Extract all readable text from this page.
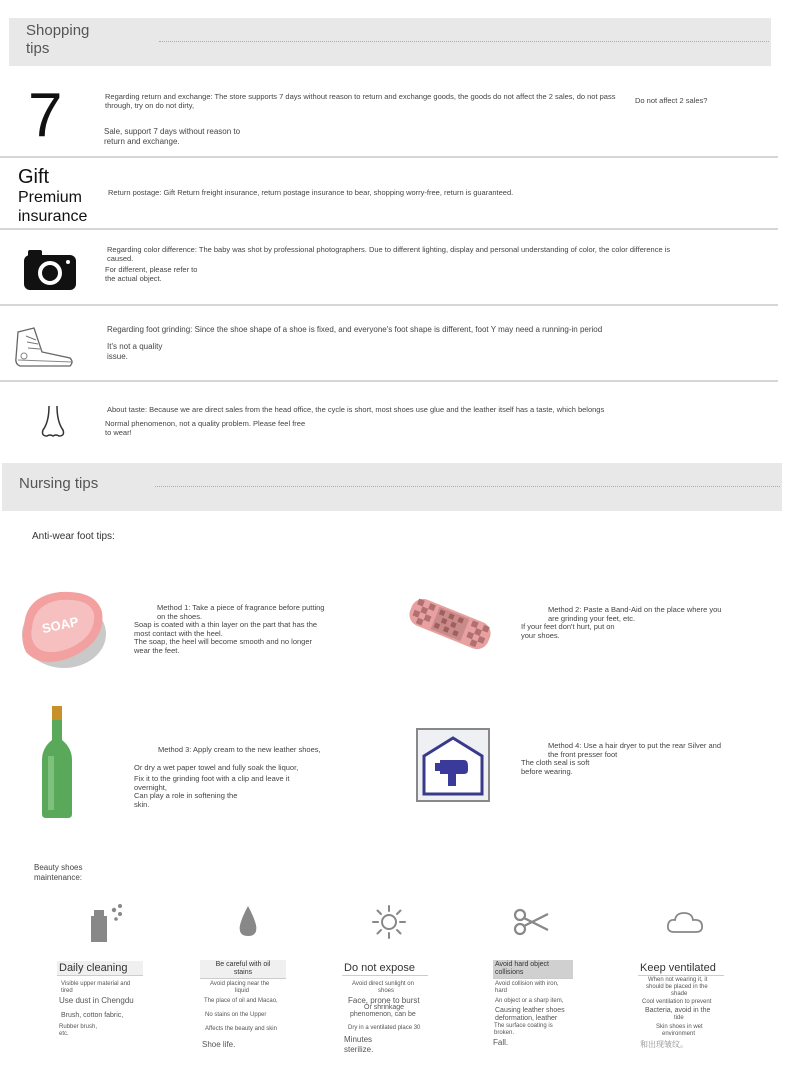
Shopping
tips
7	Regarding return and exchange: The store supports 7 days without reason to return and exchange goods, the goods do not affect the 2 sales, do not pass through, try on do not dirty,
Do not affect 2 sales?
Sale, support 7 days without reason to
return and exchange.
Gift
Premium
insurance
Return postage: Gift Return freight insurance, return postage insurance to bear, shopping worry-free, return is guaranteed.
Regarding color difference: The baby was shot by professional photographers. Due to different lighting, display and personal understanding of color, the color difference is caused.
For different, please refer to
the actual object.
Regarding foot grinding: Since the shoe shape of a shoe is fixed, and everyone's foot shape is different, foot Y may need a running-in period
It's not a quality
issue.
About taste: Because we are direct sales from the head office, the cycle is short, most shoes use glue and the leather itself has a taste, which belongs
Normal phenomenon, not a quality problem. Please feel free
to wear!
Nursing tips
Anti-wear foot tips:
SOAP
Method 1: Take a piece of fragrance before putting
on the shoes.
Soap is coated with a thin layer on the part that has the
most contact with the heel.
The soap, the heel will become smooth and no longer
wear the feet.
Method 2: Paste a Band-Aid on the place where you
are grinding your feet, etc.
If your feet don't hurt, put on
your shoes.
Method 3: Apply cream to the new leather shoes,
Or dry a wet paper towel and fully soak the liquor,
Fix it to the grinding foot with a clip and leave it
overnight,
Can play a role in softening the
skin.
Method 4: Use a hair dryer to put the rear Silver and
the front presser foot
The cloth seal is soft
before wearing.
Beauty shoes
maintenance:
Daily cleaning
Visible upper material and
tired
Use dust in Chengdu
Brush, cotton fabric,
Rubber brush,
etc.
Be careful with oil
stains
Avoid placing near the
liquid
The place of oil and Macao,
No stains on the Upper
Affects the beauty and skin
Shoe life.
Do not expose
Avoid direct sunlight on
shoes
Face, prone to burst
Or shrinkage
phenomenon, can be
Dry in a ventilated place 30
Minutes
sterilize.
Avoid hard object
collisions
Avoid collision with iron,
hard
An object or a sharp item,
Causing leather shoes
deformation, leather
The surface coating is
broken.
Fall.
Keep ventilated
When not wearing it, it
should be placed in the
shade
Cool ventilation to prevent
Bacteria, avoid in the
tide
Skin shoes in wet
environment
和出现皱纹。
